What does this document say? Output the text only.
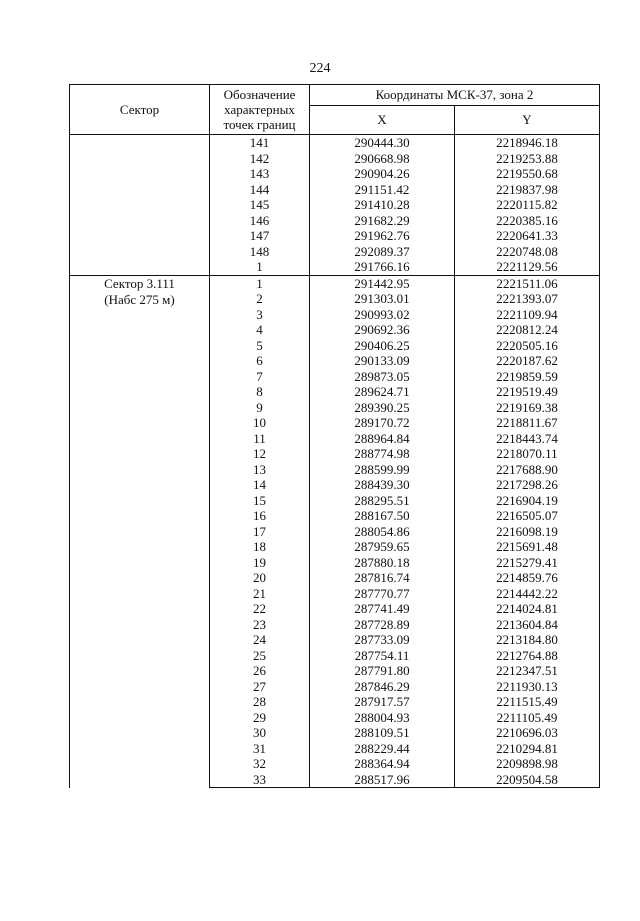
224
Сектор	Обозначение
характерных
точек границ	Координаты МСК-37, зона 2	
		X	Y

	141	290444.30	2218946.18
	142	290668.98	2219253.88
	143	290904.26	2219550.68
	144	291151.42	2219837.98
	145	291410.28	2220115.82
	146	291682.29	2220385.16
	147	291962.76	2220641.33
	148	292089.37	2220748.08
	1	291766.16	2221129.56

Сектор 3.111
(Набс 275 м)	1	291442.95	2221511.06
	2	291303.01	2221393.07
	3	290993.02	2221109.94
	4	290692.36	2220812.24
	5	290406.25	2220505.16
	6	290133.09	2220187.62
	7	289873.05	2219859.59
	8	289624.71	2219519.49
	9	289390.25	2219169.38
	10	289170.72	2218811.67
	11	288964.84	2218443.74
	12	288774.98	2218070.11
	13	288599.99	2217688.90
	14	288439.30	2217298.26
	15	288295.51	2216904.19
	16	288167.50	2216505.07
	17	288054.86	2216098.19
	18	287959.65	2215691.48
	19	287880.18	2215279.41
	20	287816.74	2214859.76
	21	287770.77	2214442.22
	22	287741.49	2214024.81
	23	287728.89	2213604.84
	24	287733.09	2213184.80
	25	287754.11	2212764.88
	26	287791.80	2212347.51
	27	287846.29	2211930.13
	28	287917.57	2211515.49
	29	288004.93	2211105.49
	30	288109.51	2210696.03
	31	288229.44	2210294.81
	32	288364.94	2209898.98
	33	288517.96	2209504.58
